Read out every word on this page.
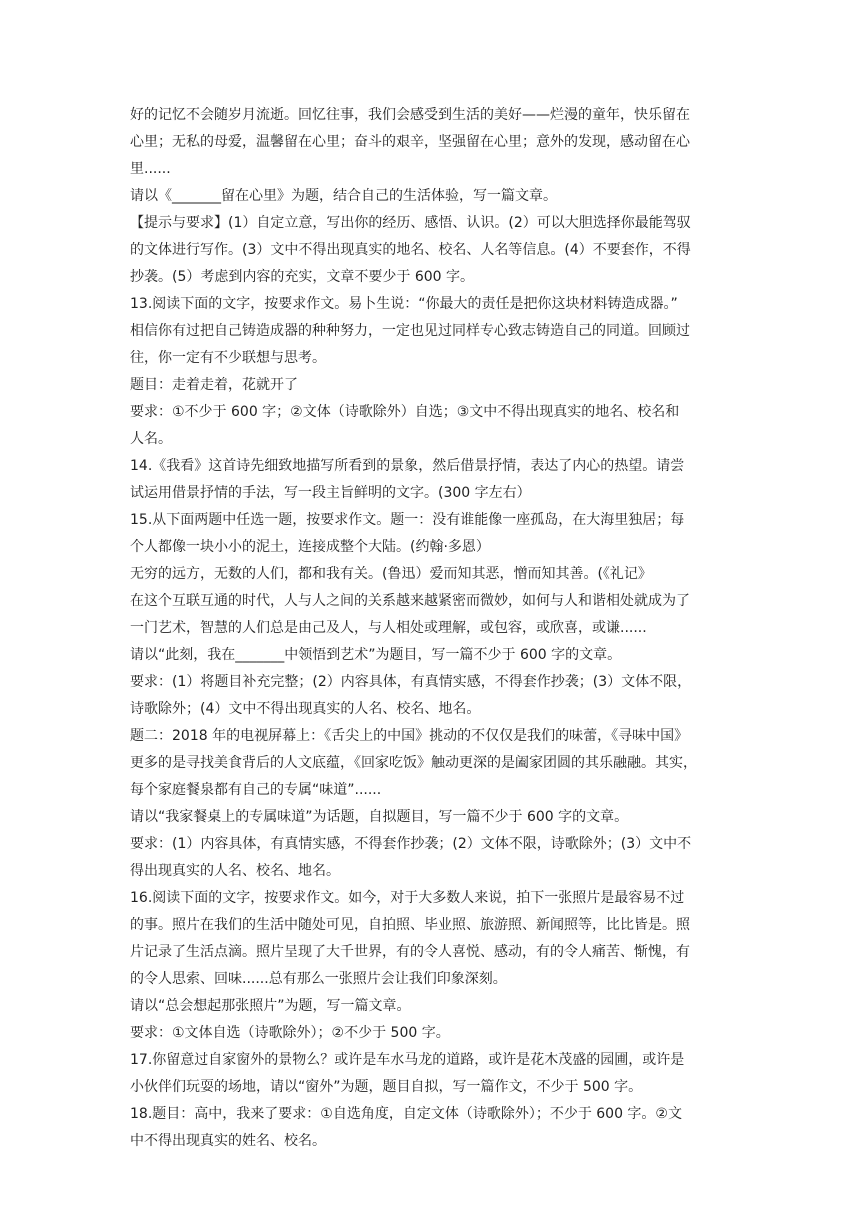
好的记忆不会随岁月流逝。回忆往事，我们会感受到生活的美好——烂漫的童年，快乐留在
心里；无私的母爱，温馨留在心里；奋斗的艰辛，坚强留在心里；意外的发现，感动留在心
里......
请以《_______留在心里》为题，结合自己的生活体验，写一篇文章。
【提示与要求】(1）自定立意，写出你的经历、感悟、认识。(2）可以大胆选择你最能驾驭
的文体进行写作。(3）文中不得出现真实的地名、校名、人名等信息。(4）不要套作，不得
抄袭。(5）考虑到内容的充实，文章不要少于 600 字。
13.阅读下面的文字，按要求作文。易卜生说：“你最大的责任是把你这块材料铸造成器。”
相信你有过把自己铸造成器的种种努力，一定也见过同样专心致志铸造自己的同道。回顾过
往，你一定有不少联想与思考。
题目：走着走着，花就开了
要求：①不少于 600 字；②文体（诗歌除外）自选；③文中不得出现真实的地名、校名和
人名。
14.《我看》这首诗先细致地描写所看到的景象，然后借景抒情，表达了内心的热望。请尝
试运用借景抒情的手法，写一段主旨鲜明的文字。(300 字左右）
15.从下面两题中任选一题，按要求作文。题一：没有谁能像一座孤岛，在大海里独居；每
个人都像一块小小的泥土，连接成整个大陆。(约翰·多恩）
无穷的远方，无数的人们，都和我有关。(鲁迅）爱而知其恶，憎而知其善。(《礼记》
在这个互联互通的时代，人与人之间的关系越来越紧密而微妙，如何与人和谐相处就成为了
一门艺术，智慧的人们总是由己及人，与人相处或理解，或包容，或欣喜，或谦......
请以“此刻，我在_______中领悟到艺术”为题目，写一篇不少于 600 字的文章。
要求：(1）将题目补充完整；(2）内容具体，有真情实感，不得套作抄袭；(3）文体不限，
诗歌除外；(4）文中不得出现真实的人名、校名、地名。
题二：2018 年的电视屏幕上：《舌尖上的中国》挑动的不仅仅是我们的味蕾，《寻味中国》
更多的是寻找美食背后的人文底蕴，《回家吃饭》触动更深的是阖家团圆的其乐融融。其实，
每个家庭餐泉都有自己的专属“味道”......
请以“我家餐桌上的专属味道”为话题，自拟题目，写一篇不少于 600 字的文章。
要求：(1）内容具体，有真情实感，不得套作抄袭；(2）文体不限，诗歌除外；(3）文中不
得出现真实的人名、校名、地名。
16.阅读下面的文字，按要求作文。如今，对于大多数人来说，拍下一张照片是最容易不过
的事。照片在我们的生活中随处可见，自拍照、毕业照、旅游照、新闻照等，比比皆是。照
片记录了生活点滴。照片呈现了大千世界，有的令人喜悦、感动，有的令人痛苦、惭愧，有
的令人思索、回味......总有那么一张照片会让我们印象深刻。
请以“总会想起那张照片”为题，写一篇文章。
要求：①文体自选（诗歌除外）；②不少于 500 字。
17.你留意过自家窗外的景物么？或许是车水马龙的道路，或许是花木茂盛的园圃，或许是
小伙伴们玩耍的场地，请以“窗外”为题，题目自拟，写一篇作文，不少于 500 字。
18.题目：高中，我来了要求：①自选角度，自定文体（诗歌除外）；不少于 600 字。②文
中不得出现真实的姓名、校名。
